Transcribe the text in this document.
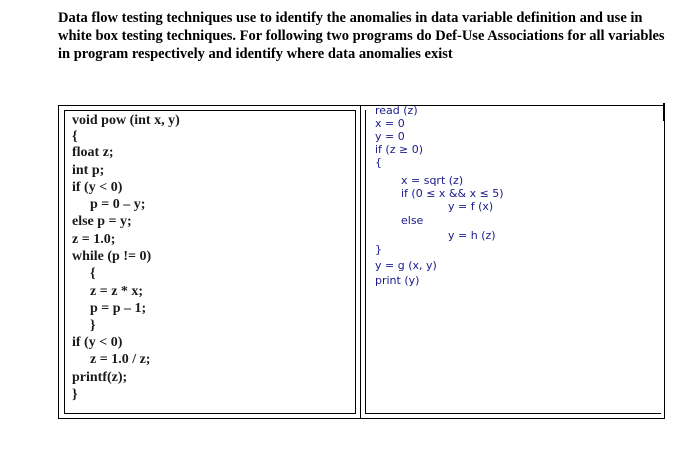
Data flow testing techniques use to identify the anomalies in data variable definition and use in white box testing techniques. For following two programs do Def-Use Associations for all variables in program respectively and identify where data anomalies exist
void pow (int x, y)
{
float z;
int p;
if (y < 0)
p = 0 – y;
else p = y;
z = 1.0;
while (p != 0)
{
z = z * x;
p = p – 1;
}
if (y < 0)
z = 1.0 / z;
printf(z);
}
read (z)
x = 0
y = 0
if (z ≥ 0)
{
x = sqrt (z)
if (0 ≤ x && x ≤ 5)
y = f (x)
else
y = h (z)
}
y = g (x, y)
print (y)
